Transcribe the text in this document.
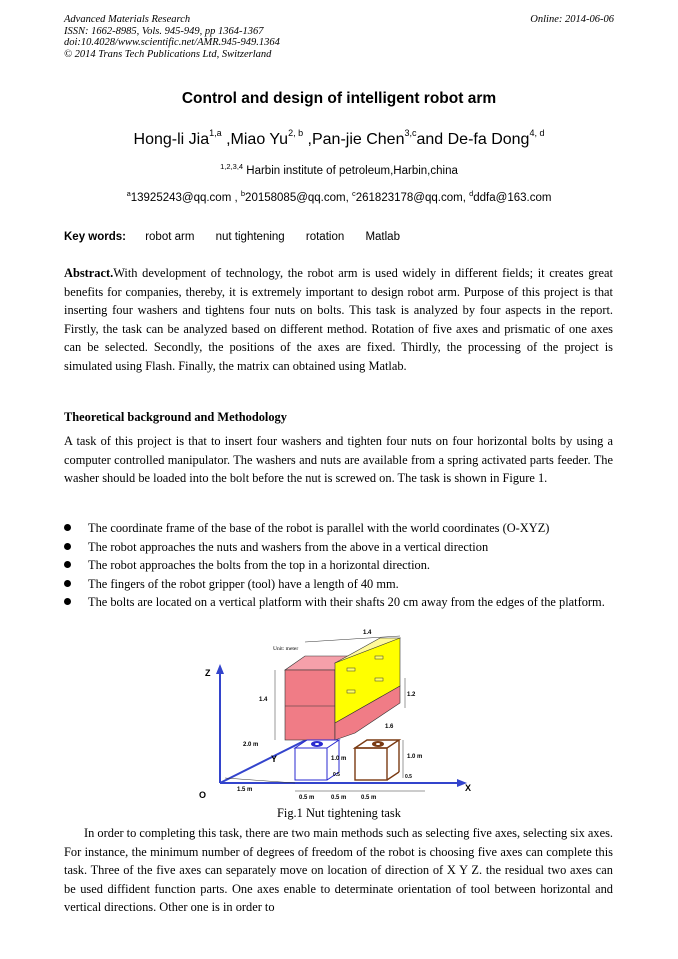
Advanced Materials Research
ISSN: 1662-8985, Vols. 945-949, pp 1364-1367
doi:10.4028/www.scientific.net/AMR.945-949.1364
© 2014 Trans Tech Publications Ltd, Switzerland
Online: 2014-06-06
Control and design of intelligent robot arm
Hong-li Jia$^{1,a}$ ,Miao Yu$^{2, b}$ ,Pan-jie Chen$^{3,c}$and De-fa Dong$^{4, d}$
$^{1,2,3,4}$ Harbin institute of petroleum,Harbin,china
$^a$13925243@qq.com , $^b$20158085@qq.com, $^c$261823178@qq.com, $^d$ddfa@163.com
Key words: robot arm nut tightening rotation Matlab
Abstract.With development of technology, the robot arm is used widely in different fields; it creates great benefits for companies, thereby, it is extremely important to design robot arm. Purpose of this project is that inserting four washers and tightens four nuts on bolts. This task is analyzed by four aspects in the report. Firstly, the task can be analyzed based on different method. Rotation of five axes and prismatic of one axes can be selected. Secondly, the positions of the axes are fixed. Thirdly, the processing of the project is simulated using Flash. Finally, the matrix can obtained using Matlab.
Theoretical background and Methodology
A task of this project is that to insert four washers and tighten four nuts on four horizontal bolts by using a computer controlled manipulator. The washers and nuts are available from a spring activated parts feeder. The washer should be loaded into the bolt before the nut is screwed on. The task is shown in Figure 1.
The coordinate frame of the base of the robot is parallel with the world coordinates (O-XYZ)
The robot approaches the nuts and washers from the above in a vertical direction
The robot approaches the bolts from the top in a horizontal direction.
The fingers of the robot gripper (tool) have a length of 40 mm.
The bolts are located on a vertical platform with their shafts 20 cm away from the edges of the platform.
Unit: meter
Z
Y
X
O
1.4
1.4
1.2
1.6
2.0 m
1.5 m
1.0 m	1.0 m
0.5 m	0.5 m 0.5 m
0.5	0.5
Fig.1 Nut tightening task
In order to completing this task, there are two main methods such as selecting five axes, selecting six axes. For instance, the minimum number of degrees of freedom of the robot is choosing five axes can complete this task. Three of the five axes can separately move on location of direction of X Y Z. the residual two axes can be used diffident function parts. One axes enable to determinate orientation of tool between horizontal and vertical directions. Other one is in order to
